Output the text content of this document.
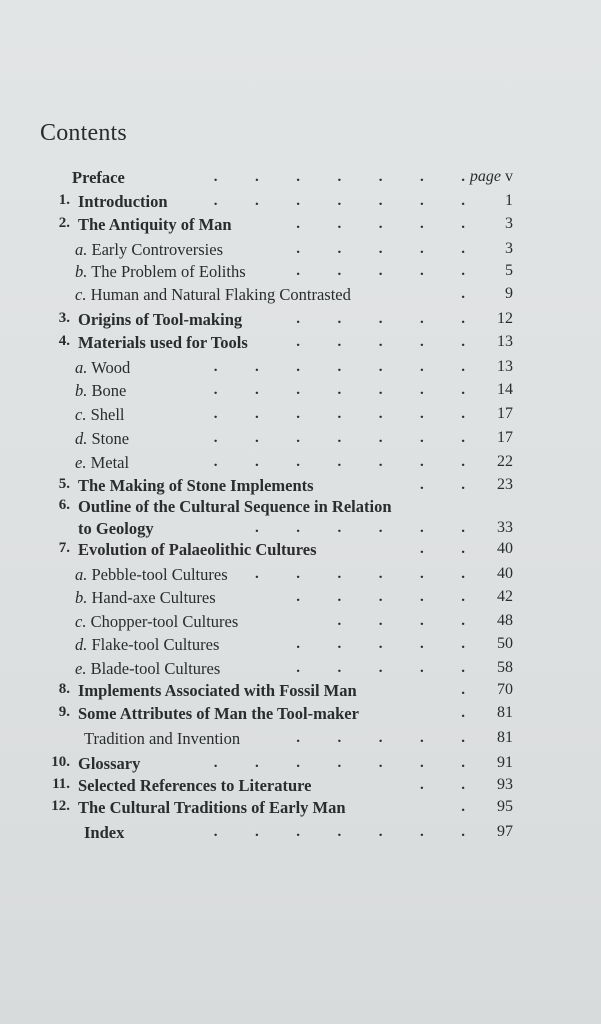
Contents
Preface	.          .          .          .          .          .          . page v
1. Introduction	.          .          .          .          .          .          .	1
2. The Antiquity of Man	.          .          .          .          .	3
a. Early Controversies	.          .          .          .          .	3
b. The Problem of Eoliths	.          .          .          .          .	5
c. Human and Natural Flaking Contrasted	.	9
3. Origins of Tool-making	.          .          .          .          . 12
4. Materials used for Tools	.          .          .          .          . 13
a. Wood	.          .          .          .          .          .          . 13
b. Bone	.          .          .          .          .          .          . 14
c. Shell	.          .          .          .          .          .          . 17
d. Stone	.          .          .          .          .          .          . 17
e. Metal	.          .          .          .          .          .          . 22
5. The Making of Stone Implements	.          . 23
6. Outline of the Cultural Sequence in Relation
to Geology	.          .          .          .          .          . 33
7. Evolution of Palaeolithic Cultures	.          . 40
a. Pebble-tool Cultures .          .          .          .          .          . 40
b. Hand-axe Cultures	.          .          .          .          . 42
c. Chopper-tool Cultures	.          .          .          . 48
d. Flake-tool Cultures	.          .          .          .          . 50
e. Blade-tool Cultures	.          .          .          .          . 58
8. Implements Associated with Fossil Man	. 70
9. Some Attributes of Man the Tool-maker	. 81
Tradition and Invention	.          .          .          .          . 81
10. Glossary	.          .          .          .          .          .          . 91
11. Selected References to Literature	.          . 93
12. The Cultural Traditions of Early Man	. 95
Index	.          .          .          .          .          .          . 97
